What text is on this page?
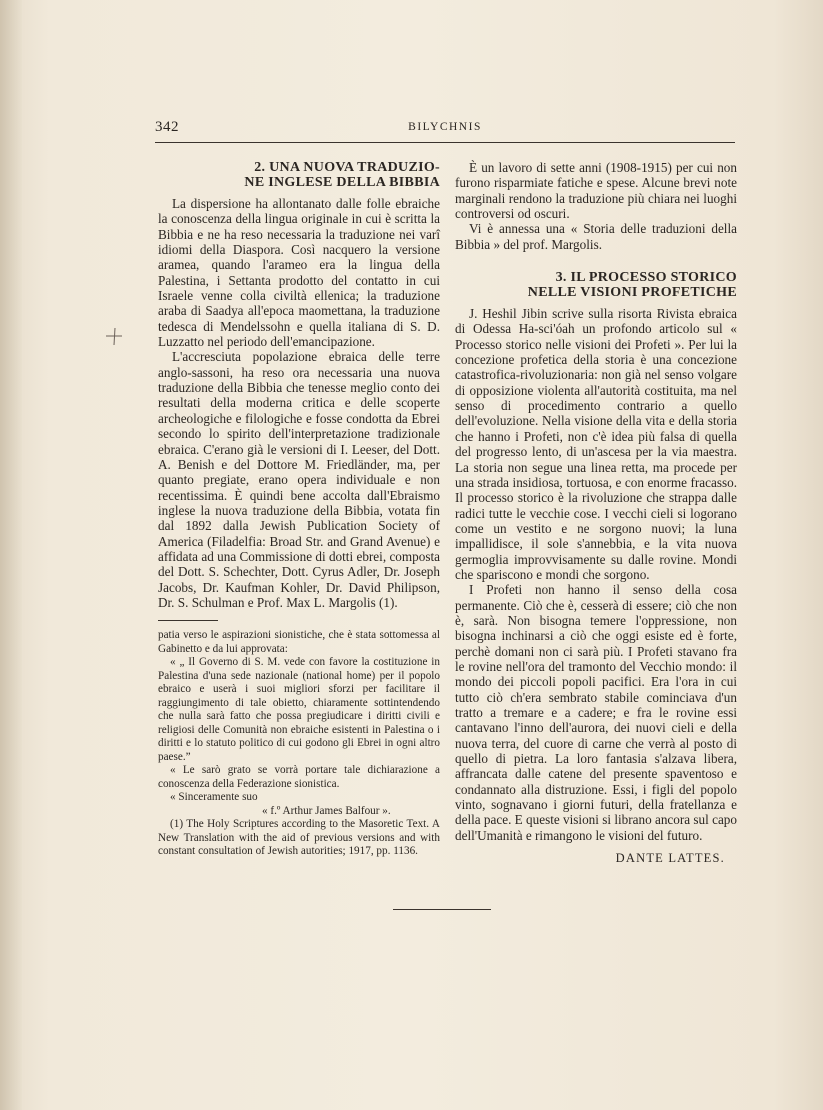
342	BILYCHNIS
2. UNA NUOVA TRADUZIO-
NE INGLESE DELLA BIBBIA

La dispersione ha allontanato dalle folle ebraiche la conoscenza della lingua originale in cui è scritta la Bibbia e ne ha reso necessaria la traduzione nei varî idiomi della Diaspora. Così nacquero la versione aramea, quando l'arameo era la lingua della Palestina, i Settanta prodotto del contatto in cui Israele venne colla civiltà ellenica; la traduzione araba di Saadya all'epoca maomettana, la traduzione tedesca di Mendelssohn e quella italiana di S. D. Luzzatto nel periodo dell'emancipazione.

L'accresciuta popolazione ebraica delle terre anglo-sassoni, ha reso ora necessaria una nuova traduzione della Bibbia che tenesse meglio conto dei resultati della moderna critica e delle scoperte archeologiche e filologiche e fosse condotta da Ebrei secondo lo spirito dell'interpretazione tradizionale ebraica. C'erano già le versioni di I. Leeser, del Dott. A. Benish e del Dottore M. Friedländer, ma, per quanto pregiate, erano opera individuale e non recentissima. È quindi bene accolta dall'Ebraismo inglese la nuova traduzione della Bibbia, votata fin dal 1892 dalla Jewish Publication Society of America (Filadelfia: Broad Str. and Grand Avenue) e affidata ad una Commissione di dotti ebrei, composta del Dott. S. Schechter, Dott. Cyrus Adler, Dr. Joseph Jacobs, Dr. Kaufman Kohler, Dr. David Philipson, Dr. S. Schulman e Prof. Max L. Margolis (1).

patia verso le aspirazioni sionistiche, che è stata sottomessa al Gabinetto e da lui approvata:

« „ Il Governo di S. M. vede con favore la costituzione in Palestina d'una sede nazionale (national home) per il popolo ebraico e userà i suoi migliori sforzi per facilitare il raggiungimento di tale obietto, chiaramente sottintendendo che nulla sarà fatto che possa pregiudicare i diritti civili e religiosi delle Comunità non ebraiche esistenti in Palestina o i diritti e lo statuto politico di cui godono gli Ebrei in ogni altro paese.”

« Le sarò grato se vorrà portare tale dichiarazione a conoscenza della Federazione sionistica.

« Sinceramente suo

« f.º Arthur James Balfour ».

(1) The Holy Scriptures according to the Masoretic Text. A New Translation with the aid of previous versions and with constant consultation of Jewish autorities; 1917, pp. 1136.

È un lavoro di sette anni (1908-1915) per cui non furono risparmiate fatiche e spese. Alcune brevi note marginali rendono la traduzione più chiara nei luoghi controversi od oscuri.

Vi è annessa una « Storia delle traduzioni della Bibbia » del prof. Margolis.

3. IL PROCESSO STORICO
NELLE VISIONI PROFETICHE

J. Heshil Jibin scrive sulla risorta Rivista ebraica di Odessa Ha-sci'óah un profondo articolo sul « Processo storico nelle visioni dei Profeti ». Per lui la concezione profetica della storia è una concezione catastrofica-rivoluzionaria: non già nel senso volgare di opposizione violenta all'autorità costituita, ma nel senso di procedimento contrario a quello dell'evoluzione. Nella visione della vita e della storia che hanno i Profeti, non c'è idea più falsa di quella del progresso lento, di un'ascesa per la via maestra. La storia non segue una linea retta, ma procede per una strada insidiosa, tortuosa, e con enorme fracasso. Il processo storico è la rivoluzione che strappa dalle radici tutte le vecchie cose. I vecchi cieli si logorano come un vestito e ne sorgono nuovi; la luna impallidisce, il sole s'annebbia, e la vita nuova germoglia improvvisamente su dalle rovine. Mondi che spariscono e mondi che sorgono.

I Profeti non hanno il senso della cosa permanente. Ciò che è, cesserà di essere; ciò che non è, sarà. Non bisogna temere l'oppressione, non bisogna inchinarsi a ciò che oggi esiste ed è forte, perchè domani non ci sarà più. I Profeti stavano fra le rovine nell'ora del tramonto del Vecchio mondo: il mondo dei piccoli popoli pacifici. Era l'ora in cui tutto ciò ch'era sembrato stabile cominciava d'un tratto a tremare e a cadere; e fra le rovine essi cantavano l'inno dell'aurora, dei nuovi cieli e della nuova terra, del cuore di carne che verrà al posto di quello di pietra. La loro fantasia s'alzava libera, affrancata dalle catene del presente spaventoso e condannato alla distruzione. Essi, i figli del popolo vinto, sognavano i giorni futuri, della fratellanza e della pace. E queste visioni si librano ancora sul capo dell'Umanità e rimangono le visioni del futuro.

DANTE LATTES.
